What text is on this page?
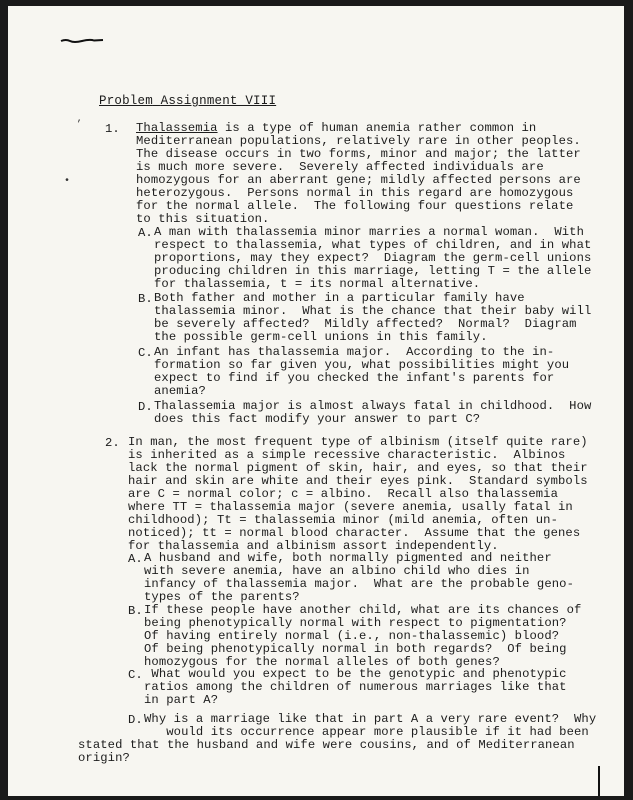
Problem Assignment VIII
’ 1. Thalassemia is a type of human anemia rather common in
Mediterranean populations, relatively rare in other peoples.
The disease occurs in two forms, minor and major; the latter
is much more severe.  Severely affected individuals are
homozygous for an aberrant gene; mildly affected persons are
heterozygous.  Persons normal in this regard are homozygous
for the normal allele.  The following four questions relate
to this situation.
•
A. A man with thalassemia minor marries a normal woman.  With
respect to thalassemia, what types of children, and in what
proportions, may they expect?  Diagram the germ-cell unions
producing children in this marriage, letting T = the allele
for thalassemia, t = its normal alternative.
B. Both father and mother in a particular family have
thalassemia minor.  What is the chance that their baby will
be severely affected?  Mildly affected?  Normal?  Diagram
the possible germ-cell unions in this family.
C. An infant has thalassemia major.  According to the in-
formation so far given you, what possibilities might you
expect to find if you checked the infant's parents for
anemia?
D. Thalassemia major is almost always fatal in childhood.  How
does this fact modify your answer to part C?
2. In man, the most frequent type of albinism (itself quite rare)
is inherited as a simple recessive characteristic.  Albinos
lack the normal pigment of skin, hair, and eyes, so that their
hair and skin are white and their eyes pink.  Standard symbols
are C = normal color; c = albino.  Recall also thalassemia
where TT = thalassemia major (severe anemia, usally fatal in
childhood); Tt = thalassemia minor (mild anemia, often un-
noticed); tt = normal blood character.  Assume that the genes
for thalassemia and albinism assort independently.
A. A husband and wife, both normally pigmented and neither
with severe anemia, have an albino child who dies in
infancy of thalassemia major.  What are the probable geno-
types of the parents?
B. If these people have another child, what are its chances of
being phenotypically normal with respect to pigmentation?
Of having entirely normal (i.e., non-thalassemic) blood?
Of being phenotypically normal in both regards?  Of being
homozygous for the normal alleles of both genes?
C. What would you expect to be the genotypic and phenotypic
ratios among the children of numerous marriages like that
in part A?
D. Why is a marriage like that in part A a very rare event?  Why
would its occurrence appear more plausible if it had been
stated that the husband and wife were cousins, and of Mediterranean
origin?
